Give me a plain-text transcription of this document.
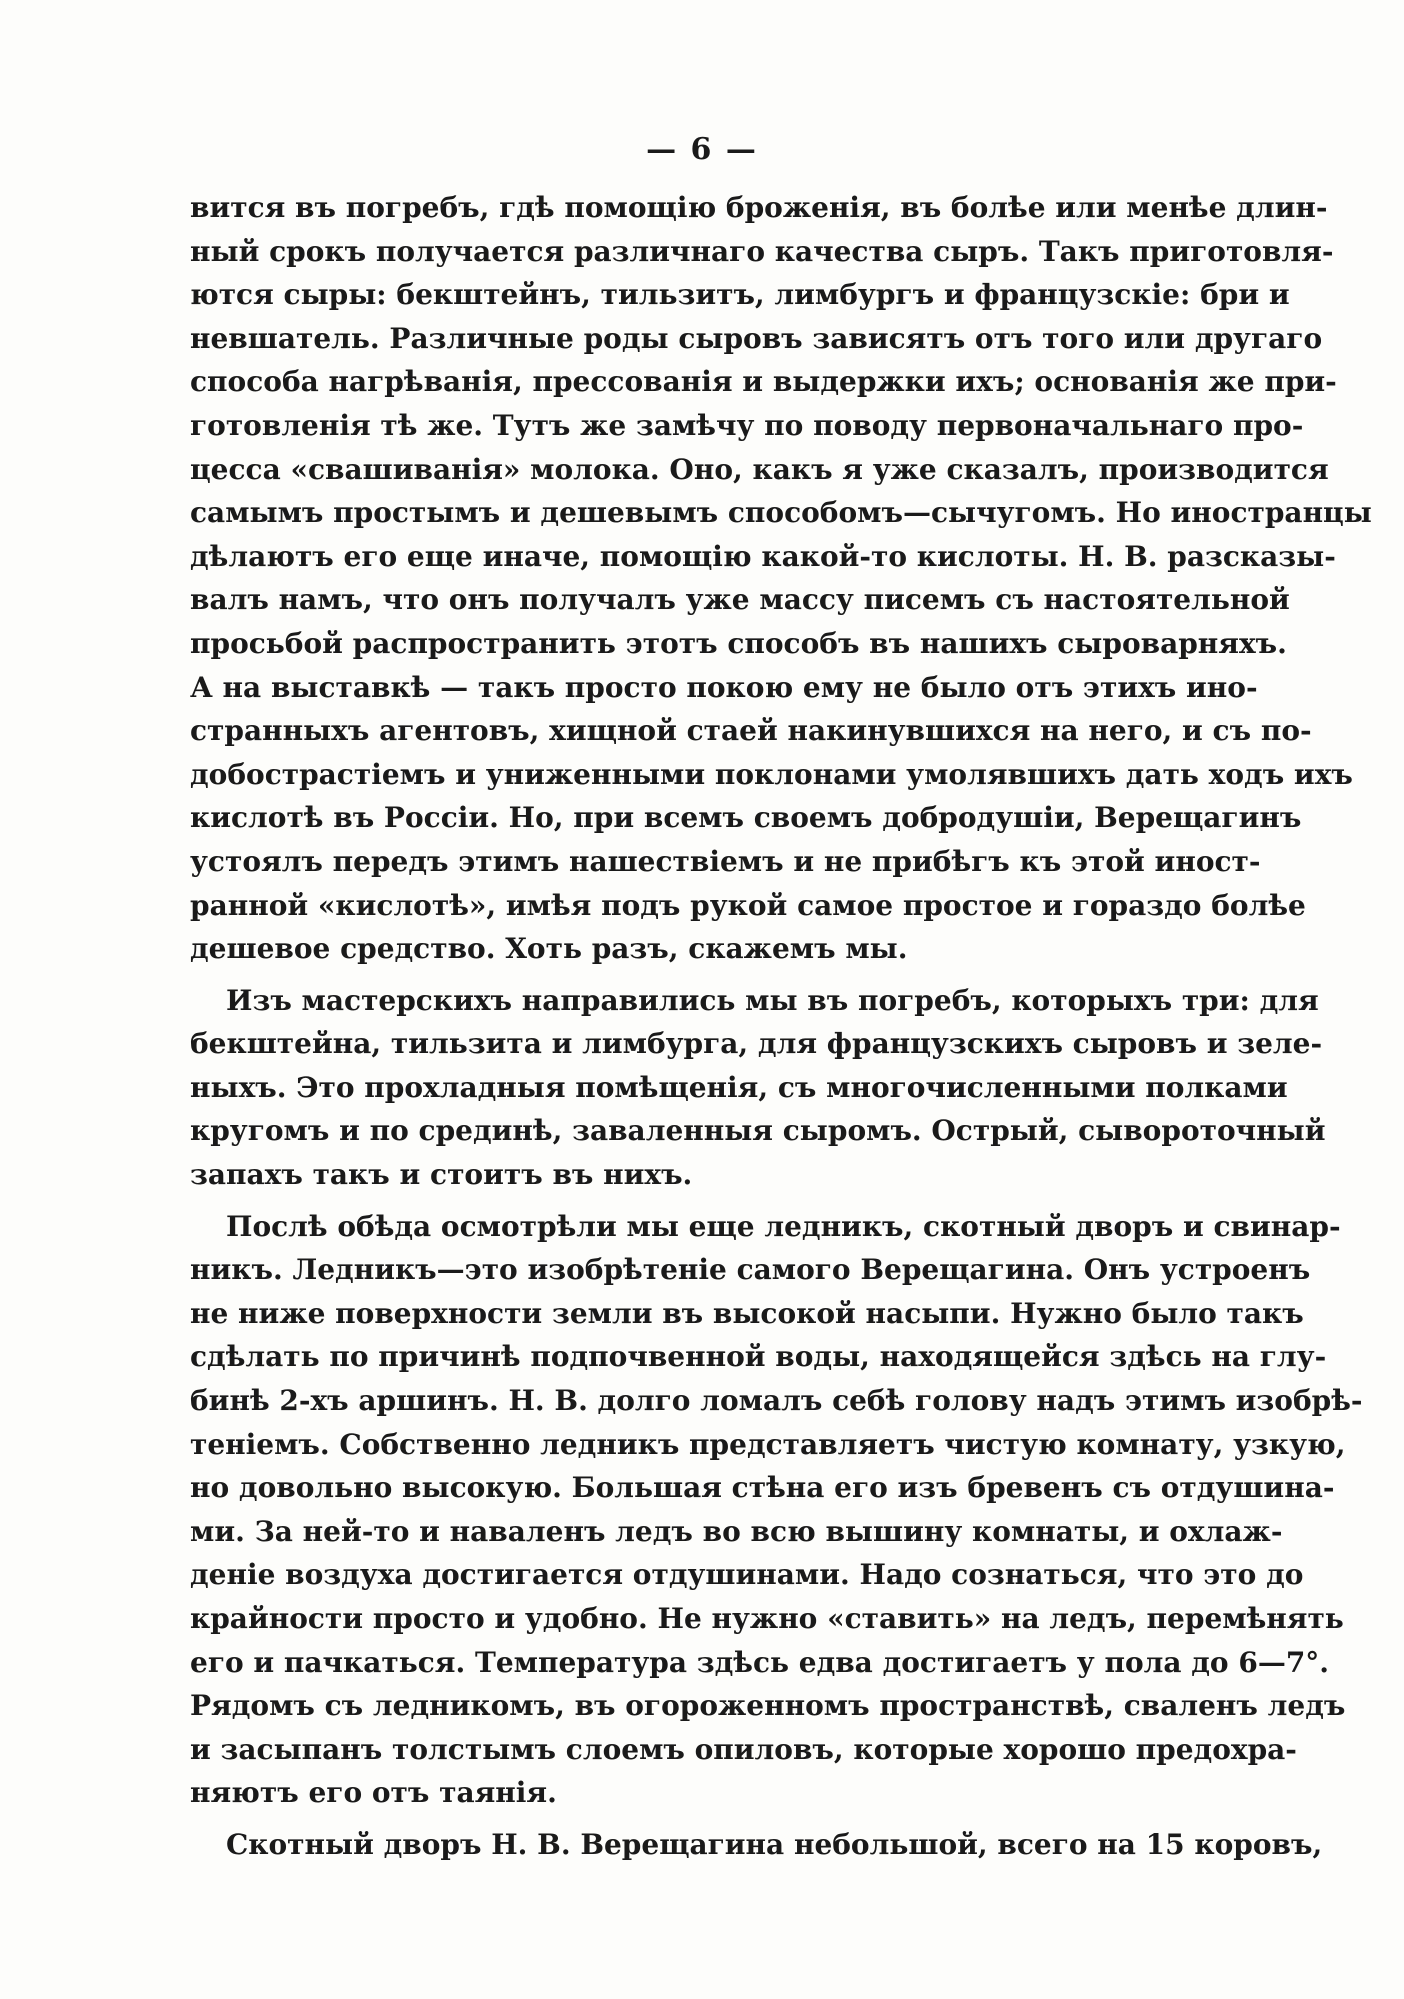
— 6 —
вится въ погребъ, гдѣ помощію броженія, въ болѣе или менѣе длин-
ный срокъ получается различнаго качества сыръ. Такъ приготовля-
ются сыры: бекштейнъ, тильзитъ, лимбургъ и французскіе: бри и
невшатель. Различные роды сыровъ зависятъ отъ того или другаго
способа нагрѣванія, прессованія и выдержки ихъ; основанія же при-
готовленія тѣ же. Тутъ же замѣчу по поводу первоначальнаго про-
цесса «свашиванія» молока. Оно, какъ я уже сказалъ, производится
самымъ простымъ и дешевымъ способомъ—сычугомъ. Но иностранцы
дѣлаютъ его еще иначе, помощію какой-то кислоты. Н. В. разсказы-
валъ намъ, что онъ получалъ уже массу писемъ съ настоятельной
просьбой распространить этотъ способъ въ нашихъ сыроварняхъ.
А на выставкѣ — такъ просто покою ему не было отъ этихъ ино-
странныхъ агентовъ, хищной стаей накинувшихся на него, и съ по-
добострастіемъ и униженными поклонами умолявшихъ дать ходъ ихъ
кислотѣ въ Россіи. Но, при всемъ своемъ добродушіи, Верещагинъ
устоялъ передъ этимъ нашествіемъ и не прибѣгъ къ этой иност-
ранной «кислотѣ», имѣя подъ рукой самое простое и гораздо болѣе
дешевое средство. Хоть разъ, скажемъ мы.
Изъ мастерскихъ направились мы въ погребъ, которыхъ три: для
бекштейна, тильзита и лимбурга, для французскихъ сыровъ и зеле-
ныхъ. Это прохладныя помѣщенія, съ многочисленными полками
кругомъ и по срединѣ, заваленныя сыромъ. Острый, сывороточный
запахъ такъ и стоитъ въ нихъ.
Послѣ обѣда осмотрѣли мы еще ледникъ, скотный дворъ и свинар-
никъ. Ледникъ—это изобрѣтеніе самого Верещагина. Онъ устроенъ
не ниже поверхности земли въ высокой насыпи. Нужно было такъ
сдѣлать по причинѣ подпочвенной воды, находящейся здѣсь на глу-
бинѣ 2-хъ аршинъ. Н. В. долго ломалъ себѣ голову надъ этимъ изобрѣ-
теніемъ. Собственно ледникъ представляетъ чистую комнату, узкую,
но довольно высокую. Большая стѣна его изъ бревенъ съ отдушина-
ми. За ней-то и наваленъ ледъ во всю вышину комнаты, и охлаж-
деніе воздуха достигается отдушинами. Надо сознаться, что это до
крайности просто и удобно. Не нужно «ставить» на ледъ, перемѣнять
его и пачкаться. Температура здѣсь едва достигаетъ у пола до 6—7°.
Рядомъ съ ледникомъ, въ огороженномъ пространствѣ, сваленъ ледъ
и засыпанъ толстымъ слоемъ опиловъ, которые хорошо предохра-
няютъ его отъ таянія.
Скотный дворъ Н. В. Верещагина небольшой, всего на 15 коровъ,
